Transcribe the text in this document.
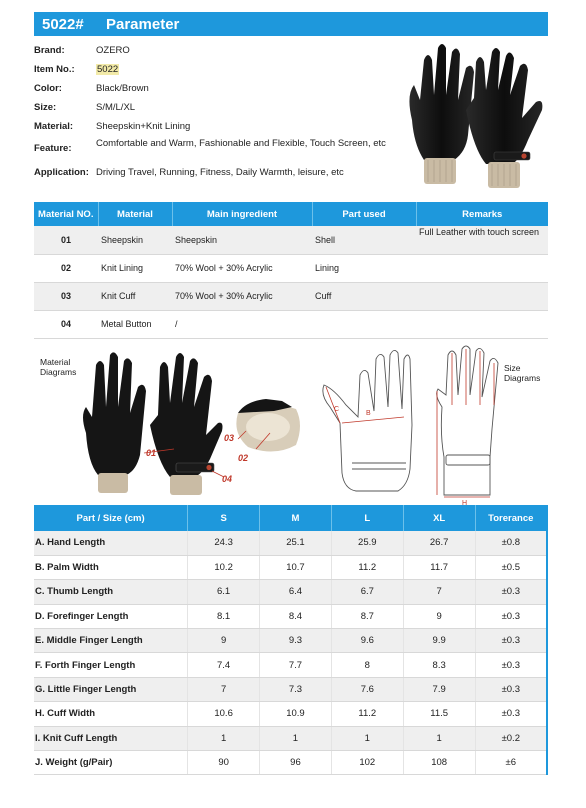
5022#	Parameter
Brand:	OZERO
Item No.:	5022
Color:	Black/Brown
Size:	S/M/L/XL
Material:	Sheepskin+Knit Lining
Feature:	Comfortable and Warm, Fashionable and Flexible, Touch Screen, etc
Application: Driving Travel, Running, Fitness, Daily Warmth, leisure, etc
Material NO.	Material	Main ingredient	Part used	Remarks
01	Sheepskin	Sheepskin	Shell	Full Leather with touch screen
02	Knit Lining	70% Wool + 30% Acrylic	Lining	
03	Knit Cuff	70% Wool + 30% Acrylic	Cuff	
04	Metal Button	/		
Material Diagrams
01	02
03
04
B
C
H
Size Diagrams
Part / Size (cm)	S	M	L	XL	Torerance
A. Hand Length	24.3	25.1	25.9	26.7	±0.8
B. Palm Width	10.2	10.7	11.2	11.7	±0.5
C. Thumb Length	6.1	6.4	6.7	7	±0.3
D. Forefinger Length	8.1	8.4	8.7	9	±0.3
E. Middle Finger Length	9	9.3	9.6	9.9	±0.3
F. Forth Finger Length	7.4	7.7	8	8.3	±0.3
G. Little Finger Length	7	7.3	7.6	7.9	±0.3
H. Cuff Width	10.6	10.9	11.2	11.5	±0.3
I. Knit Cuff Length	1	1	1	1	±0.2
J. Weight (g/Pair)	90	96	102	108	±6
